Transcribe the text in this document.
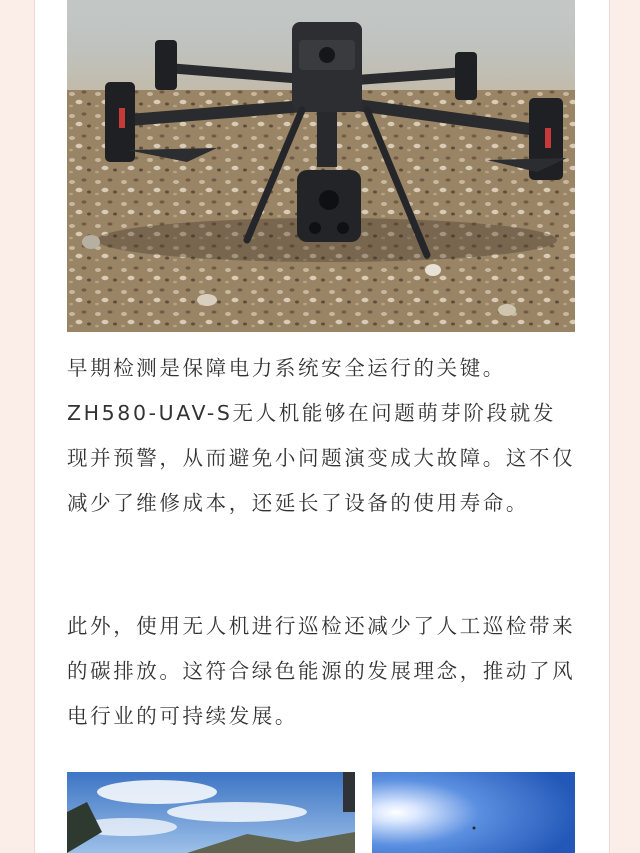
早期检测是保障电力系统安全运行的关键。ZH580-UAV-S无人机能够在问题萌芽阶段就发现并预警，从而避免小问题演变成大故障。这不仅减少了维修成本，还延长了设备的使用寿命。

此外，使用无人机进行巡检还减少了人工巡检带来的碳排放。这符合绿色能源的发展理念，推动了风电行业的可持续发展。
